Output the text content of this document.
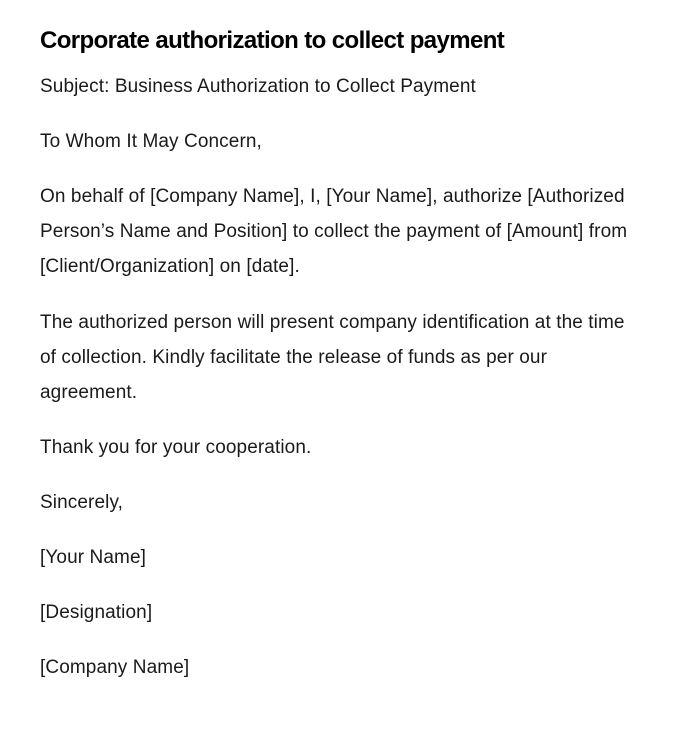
Corporate authorization to collect payment

Subject: Business Authorization to Collect Payment

To Whom It May Concern,

On behalf of [Company Name], I, [Your Name], authorize [Authorized Person’s Name and Position] to collect the payment of [Amount] from [Client/Organization] on [date].

The authorized person will present company identification at the time of collection. Kindly facilitate the release of funds as per our agreement.

Thank you for your cooperation.

Sincerely,

[Your Name]

[Designation]

[Company Name]
